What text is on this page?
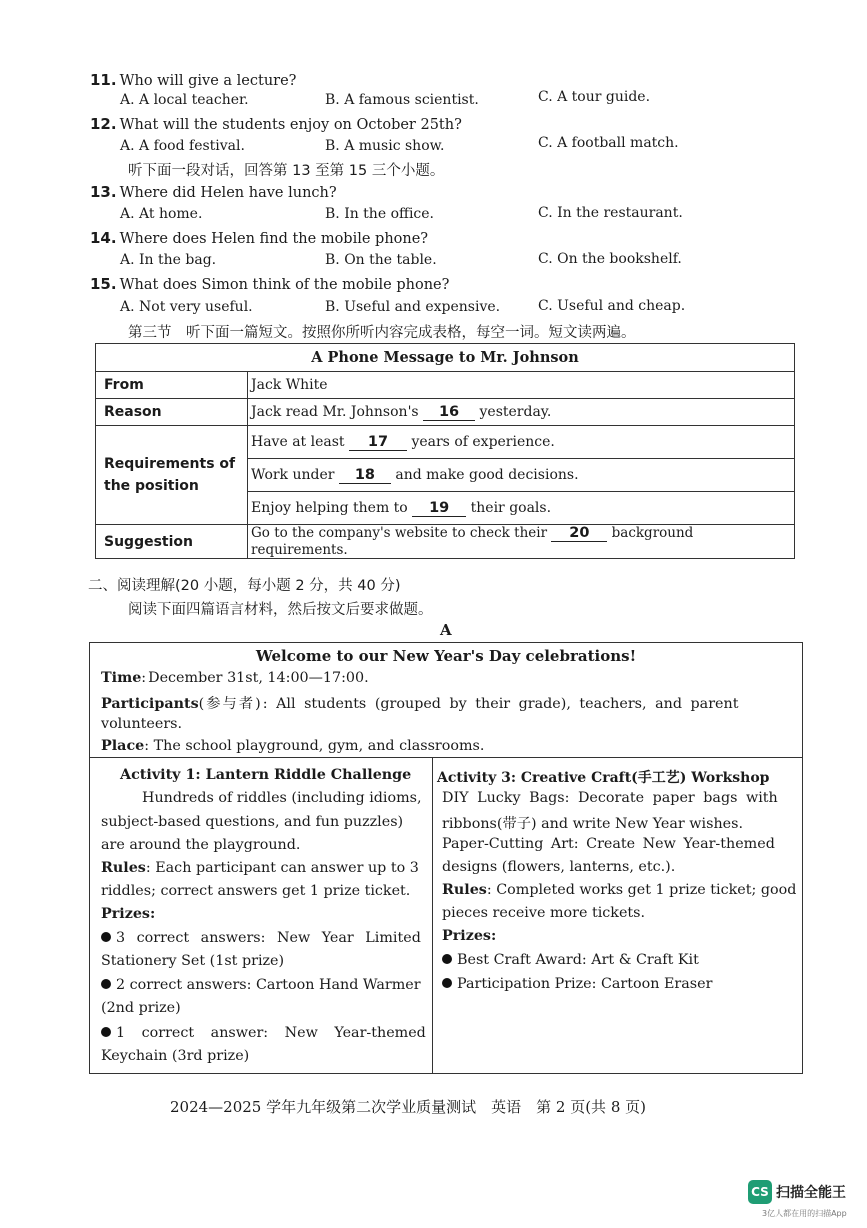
11. Who will give a lecture?
A. A local teacher.	B. A famous scientist.	C. A tour guide.
12. What will the students enjoy on October 25th?
A. A food festival.	B. A music show.	C. A football match.
听下面一段对话，回答第 13 至第 15 三个小题。
13. Where did Helen have lunch?
A. At home.	B. In the office.	C. In the restaurant.
14. Where does Helen find the mobile phone?
A. In the bag.	B. On the table.	C. On the bookshelf.
15. What does Simon think of the mobile phone?
A. Not very useful.	B. Useful and expensive.	C. Useful and cheap.
第三节　听下面一篇短文。按照你所听内容完成表格，每空一词。短文读两遍。
A Phone Message to Mr. Johnson	
From	Jack White
Reason	Jack read Mr. Johnson's 16 yesterday.
Requirements of the position	Have at least 17 years of experience.
	Work under 18 and make good decisions.
	Enjoy helping them to 19 their goals.
Suggestion	Go to the company's website to check their 20 background requirements.
二、阅读理解(20 小题，每小题 2 分，共 40 分)
阅读下面四篇语言材料，然后按文后要求做题。
A
Welcome to our New Year's Day celebrations!
Time: December 31st, 14:00—17:00.
Participants(参与者): All students (grouped by their grade), teachers, and parent
volunteers.
Place: The school playground, gym, and classrooms.
Activity 1: Lantern Riddle Challenge
Hundreds of riddles (including idioms,
subject-based questions, and fun puzzles)
are around the playground.
Rules: Each participant can answer up to 3
riddles; correct answers get 1 prize ticket.
Prizes:
3 correct answers: New Year Limited
Stationery Set (1st prize)
2 correct answers: Cartoon Hand Warmer
(2nd prize)
1 correct answer: New Year-themed
Keychain (3rd prize)
Activity 3: Creative Craft(手工艺) Workshop
DIY Lucky Bags: Decorate paper bags with
ribbons(带子) and write New Year wishes.
Paper-Cutting Art: Create New Year-themed
designs (flowers, lanterns, etc.).
Rules: Completed works get 1 prize ticket; good
pieces receive more tickets.
Prizes:
Best Craft Award: Art & Craft Kit
Participation Prize: Cartoon Eraser
2024—2025 学年九年级第二次学业质量测试　英语　第 2 页(共 8 页)
CS 扫描全能王
3亿人都在用的扫描App
